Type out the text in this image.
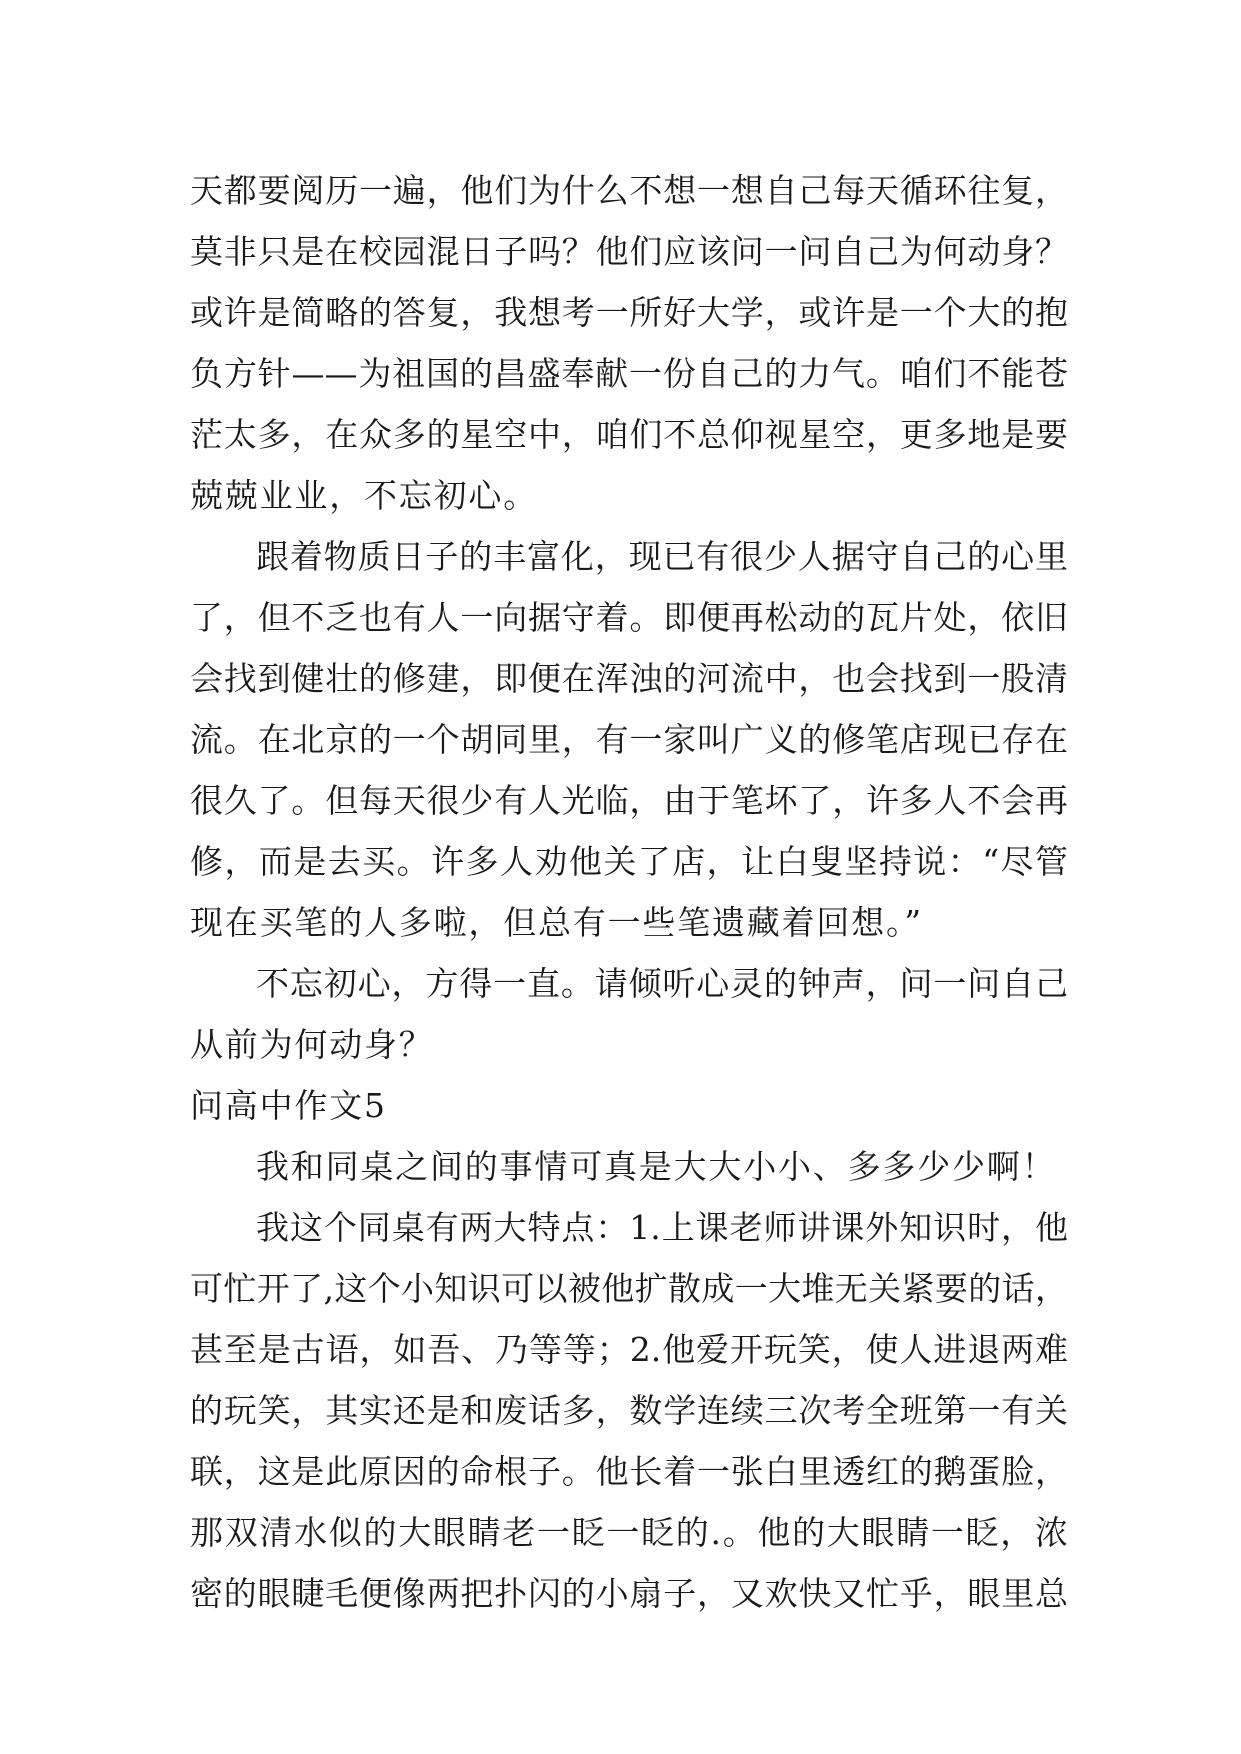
天都要阅历一遍，他们为什么不想一想自己每天循环往复，
莫非只是在校园混日子吗？他们应该问一问自己为何动身？
或许是简略的答复，我想考一所好大学，或许是一个大的抱
负方针——为祖国的昌盛奉献一份自己的力气。咱们不能苍
茫太多，在众多的星空中，咱们不总仰视星空，更多地是要
兢兢业业，不忘初心。
跟着物质日子的丰富化，现已有很少人据守自己的心里
了，但不乏也有人一向据守着。即便再松动的瓦片处，依旧
会找到健壮的修建，即便在浑浊的河流中，也会找到一股清
流。在北京的一个胡同里，有一家叫广义的修笔店现已存在
很久了。但每天很少有人光临，由于笔坏了，许多人不会再
修，而是去买。许多人劝他关了店，让白叟坚持说：“尽管
现在买笔的人多啦，但总有一些笔遗藏着回想。”
不忘初心，方得一直。请倾听心灵的钟声，问一问自己
从前为何动身？
问高中作文5
我和同桌之间的事情可真是大大小小、多多少少啊！
我这个同桌有两大特点：1.上课老师讲课外知识时，他
可忙开了,这个小知识可以被他扩散成一大堆无关紧要的话，
甚至是古语，如吾、乃等等；2.他爱开玩笑，使人进退两难
的玩笑，其实还是和废话多，数学连续三次考全班第一有关
联，这是此原因的命根子。他长着一张白里透红的鹅蛋脸，
那双清水似的大眼睛老一眨一眨的.。他的大眼睛一眨，浓
密的眼睫毛便像两把扑闪的小扇子，又欢快又忙乎，眼里总
